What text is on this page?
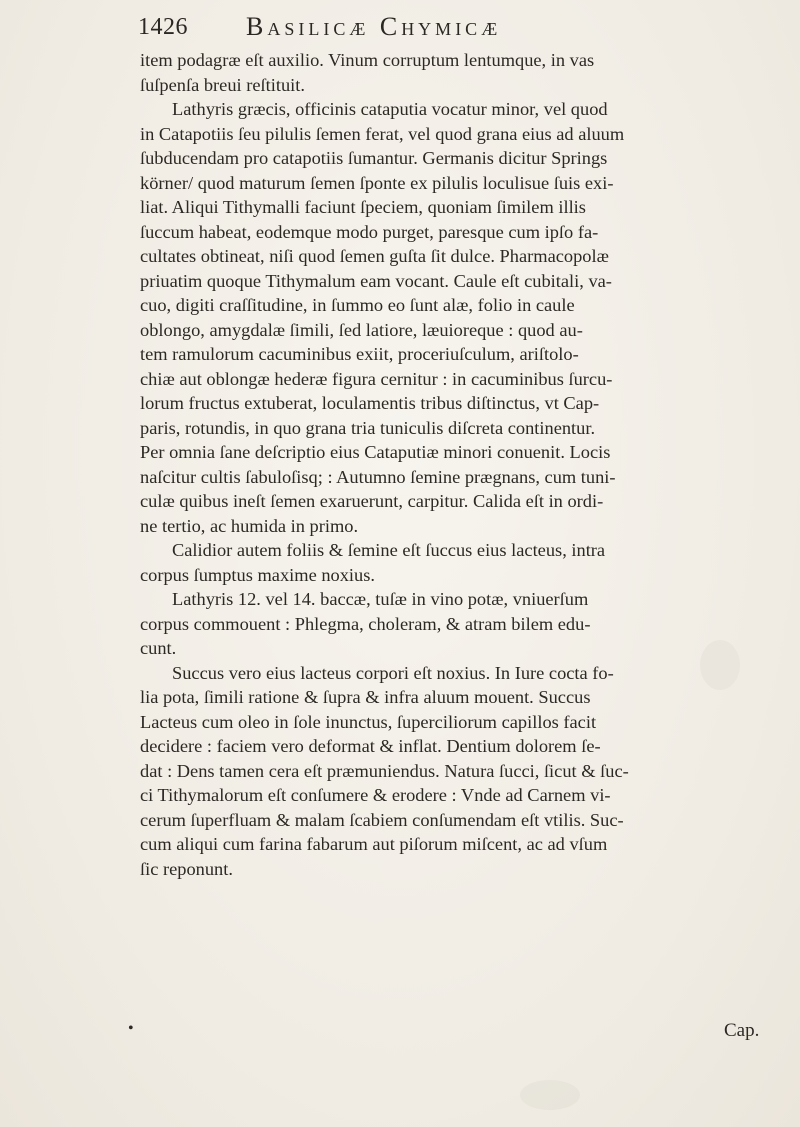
1426 Basilicæ Chymicæ
item podagræ eſt auxilio. Vinum corruptum lentumque, in vas
ſuſpenſa breui reſtituit.
Lathyris græcis, officinis cataputia vocatur minor, vel quod
in Catapotiis ſeu pilulis ſemen ferat, vel quod grana eius ad aluum
ſubducendam pro catapotiis ſumantur. Germanis dicitur Springs
körner/ quod maturum ſemen ſponte ex pilulis loculisue ſuis exi-
liat. Aliqui Tithymalli faciunt ſpeciem, quoniam ſimilem illis
ſuccum habeat, eodemque modo purget, paresque cum ipſo fa-
cultates obtineat, niſi quod ſemen guſta ſit dulce. Pharmacopolæ
priuatim quoque Tithymalum eam vocant. Caule eſt cubitali, va-
cuo, digiti craſſitudine, in ſummo eo ſunt alæ, folio in caule
oblongo, amygdalæ ſimili, ſed latiore, læuioreque : quod au-
tem ramulorum cacuminibus exiit, proceriuſculum, ariſtolo-
chiæ aut oblongæ hederæ figura cernitur : in cacuminibus ſurcu-
lorum fructus extuberat, loculamentis tribus diſtinctus, vt Cap-
paris, rotundis, in quo grana tria tuniculis diſcreta continentur.
Per omnia ſane deſcriptio eius Cataputiæ minori conuenit. Locis
naſcitur cultis ſabuloſisq; : Autumno ſemine prægnans, cum tuni-
culæ quibus ineſt ſemen exaruerunt, carpitur. Calida eſt in ordi-
ne tertio, ac humida in primo.
Calidior autem foliis & ſemine eſt ſuccus eius lacteus, intra
corpus ſumptus maxime noxius.
Lathyris 12. vel 14. baccæ, tuſæ in vino potæ, vniuerſum
corpus commouent : Phlegma, choleram, & atram bilem edu-
cunt.
Succus vero eius lacteus corpori eſt noxius. In Iure cocta fo-
lia pota, ſimili ratione & ſupra & infra aluum mouent. Succus
Lacteus cum oleo in ſole inunctus, ſuperciliorum capillos facit
decidere : faciem vero deformat & inflat. Dentium dolorem ſe-
dat : Dens tamen cera eſt præmuniendus. Natura ſucci, ſicut & ſuc-
ci Tithymalorum eſt conſumere & erodere : Vnde ad Carnem vi-
cerum ſuperfluam & malam ſcabiem conſumendam eſt vtilis. Suc-
cum aliqui cum farina fabarum aut piſorum miſcent, ac ad vſum
ſic reponunt.
•	Cap.
